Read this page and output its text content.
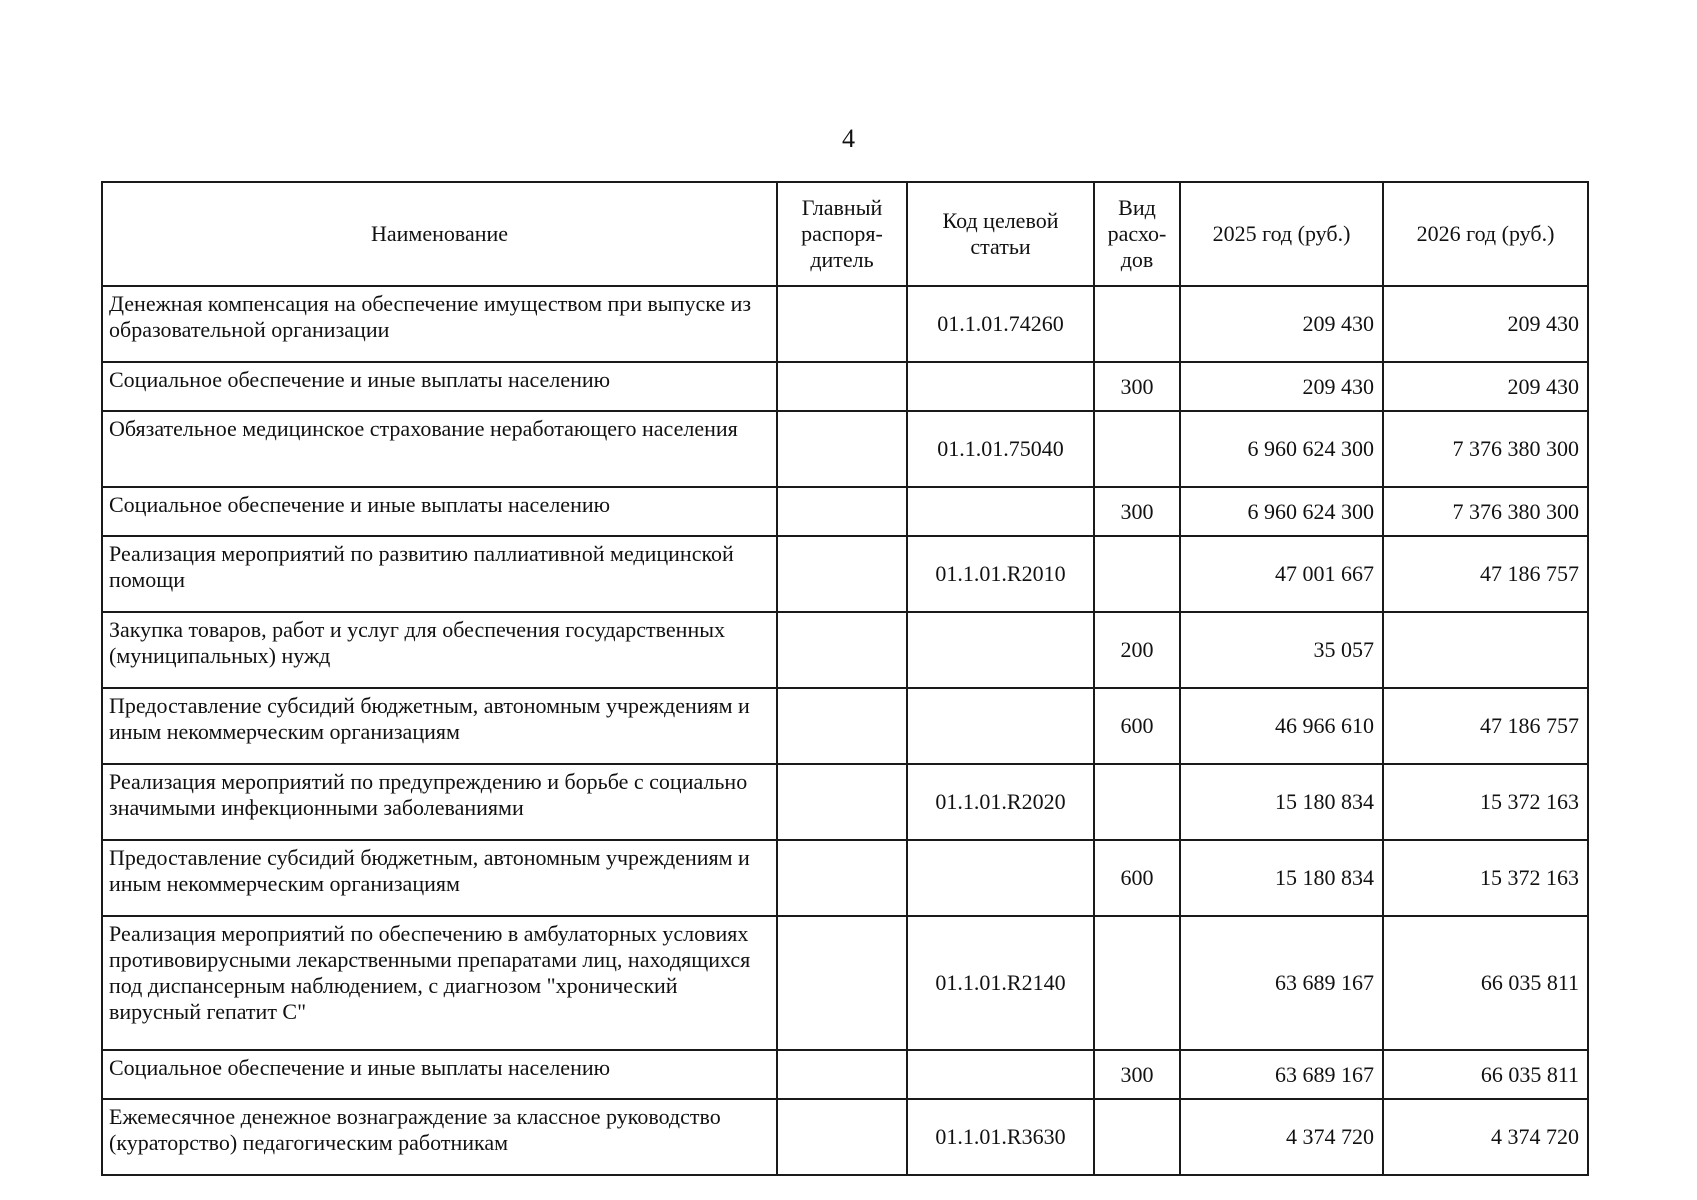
4
Наименование	Главный распоря-дитель	Код целевой статьи	Вид расхо-дов	2025 год (руб.)	2026 год (руб.)
Денежная компенсация на обеспечение имуществом при выпуске из образовательной организации		01.1.01.74260		209 430	209 430
Социальное обеспечение и иные выплаты населению			300	209 430	209 430
Обязательное медицинское страхование неработающего населения		01.1.01.75040		6 960 624 300	7 376 380 300
Социальное обеспечение и иные выплаты населению			300	6 960 624 300	7 376 380 300
Реализация мероприятий по развитию паллиативной медицинской помощи		01.1.01.R2010		47 001 667	47 186 757
Закупка товаров, работ и услуг для обеспечения государственных (муниципальных) нужд			200	35 057	
Предоставление субсидий бюджетным, автономным учреждениям и иным некоммерческим организациям			600	46 966 610	47 186 757
Реализация мероприятий по предупреждению и борьбе с социально значимыми инфекционными заболеваниями		01.1.01.R2020		15 180 834	15 372 163
Предоставление субсидий бюджетным, автономным учреждениям и иным некоммерческим организациям			600	15 180 834	15 372 163
Реализация мероприятий по обеспечению в амбулаторных условиях противовирусными лекарственными препаратами лиц, находящихся под диспансерным наблюдением, с диагнозом "хронический вирусный гепатит С"		01.1.01.R2140		63 689 167	66 035 811
Социальное обеспечение и иные выплаты населению			300	63 689 167	66 035 811
Ежемесячное денежное вознаграждение за классное руководство (кураторство) педагогическим работникам		01.1.01.R3630		4 374 720	4 374 720
